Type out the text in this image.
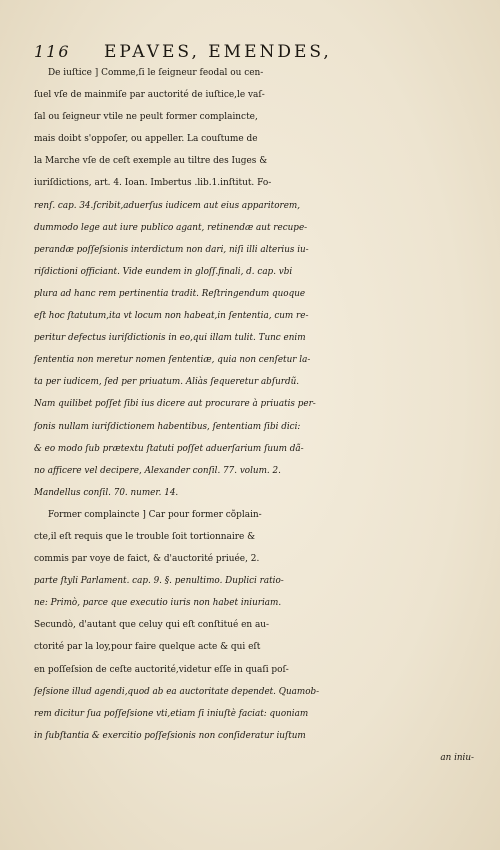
116 EPAVES, EMENDES,
De iuſtice ] Comme,ſi le ſeigneur feodal ou cen-
ſuel vſe de mainmiſe par auctorité de iuſtice,le vaſ-
ſal ou ſeigneur vtile ne peult former complaincte,
mais doibt s'oppoſer, ou appeller. La couſtume de
la Marche vſe de ceſt exemple au tiltre des Iuges &
iuriſdictions, art. 4. Ioan. Imbertus .lib.1.inſtitut. Fo-
renſ. cap. 34.ſcribit,aduerſus iudicem aut eius apparitorem,
dummodo lege aut iure publico agant, retinendæ aut recupe-
perandæ poſſeſsionis interdictum non dari, niſi illi alterius iu-
riſdictioni officiant. Vide eundem in gloſſ.finali, d. cap. vbi
plura ad hanc rem pertinentia tradit. Reſtringendum quoque
eſt hoc ſtatutum,ita vt locum non habeat,in ſententia, cum re-
peritur defectus iuriſdictionis in eo,qui illam tulit. Tunc enim
ſententia non meretur nomen ſententiæ, quia non cenſetur la-
ta per iudicem, ſed per priuatum. Aliàs ſequeretur abſurdũ.
Nam quilibet poſſet ſibi ius dicere aut procurare à priuatis per-
ſonis nullam iuriſdictionem habentibus, ſententiam ſibi dici:
& eo modo ſub prætextu ſtatuti poſſet aduerſarium ſuum dã-
no afficere vel decipere, Alexander conſil. 77. volum. 2.
Mandellus conſil. 70. numer. 14.
Former complaincte ] Car pour former cõplain-
cte,il eſt requis que le trouble ſoit tortionnaire &
commis par voye de faict, & d'auctorité priuée, 2.
parte ſtyli Parlament. cap. 9. §. penultimo. Duplici ratio-
ne: Primò, parce que executio iuris non habet iniuriam.
Secundò, d'autant que celuy qui eſt conſtitué en au-
ctorité par la loy,pour faire quelque acte & qui eſt
en poſſeſsion de ceſte auctorité,videtur eſſe in quaſi poſ-
ſeſsione illud agendi,quod ab ea auctoritate dependet. Quamob-
rem dicitur ſua poſſeſsione vti,etiam ſi iniuſtè faciat: quoniam
in ſubſtantia & exercitio poſſeſsionis non conſideratur iuſtum
an iniu-
